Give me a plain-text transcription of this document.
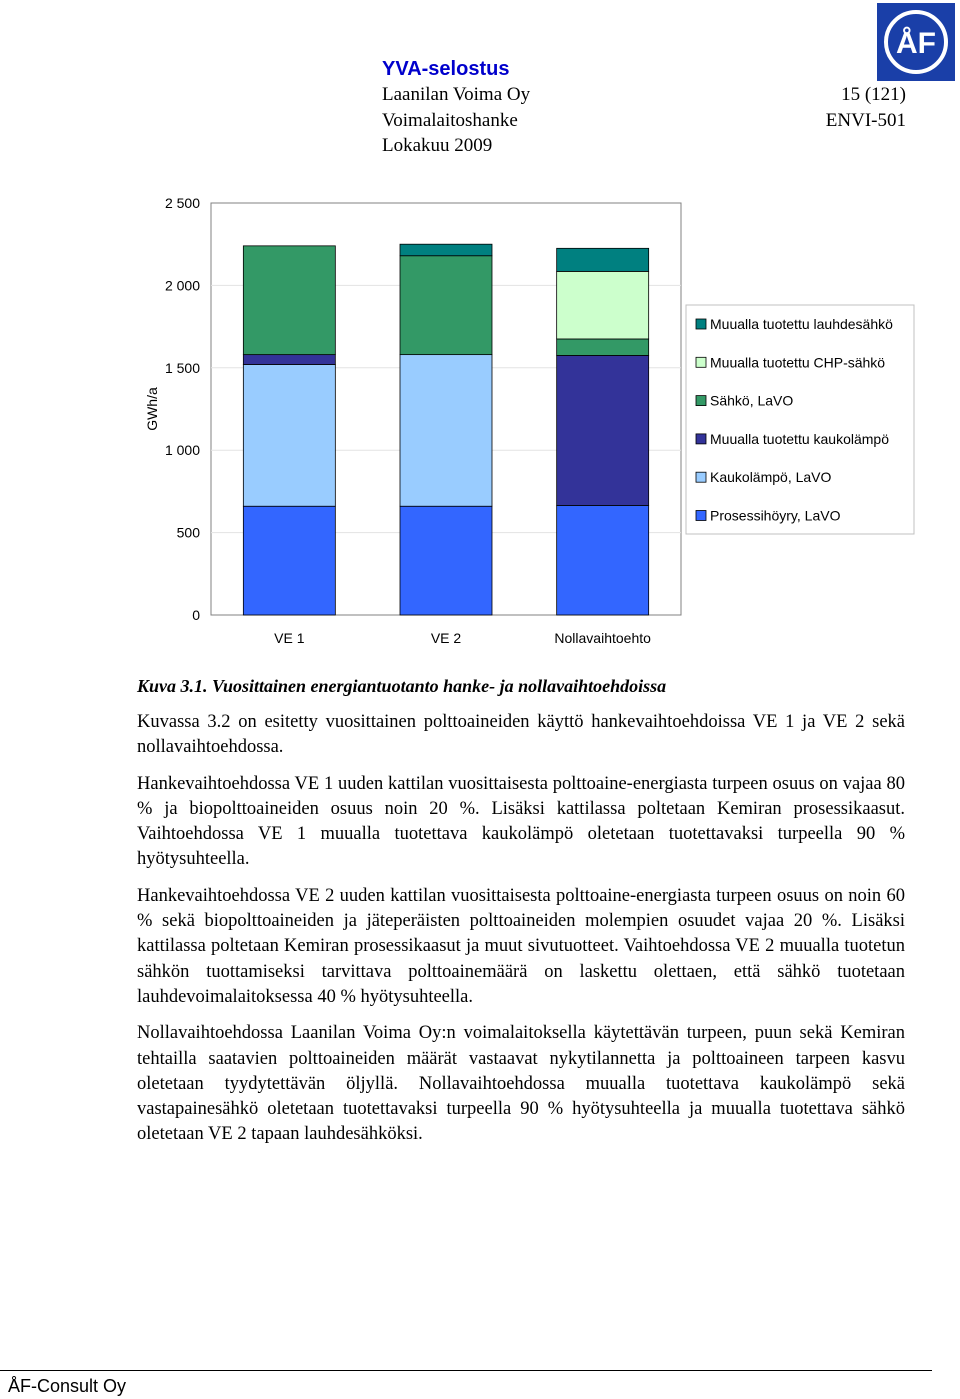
ÅF
YVA-selostus
Laanilan Voima Oy	15 (121)
Voimalaitoshanke	ENVI-501
Lokakuu 2009
0
500
1 000
1 500
2 000
2 500
GWh/a
VE 1	VE 2	Nollavaihtoehto
Muualla tuotettu lauhdesähkö
Muualla tuotettu CHP-sähkö
Sähkö, LaVO
Muualla tuotettu kaukolämpö
Kaukolämpö, LaVO
Prosessihöyry, LaVO
Kuva 3.1. Vuosittainen energiantuotanto hanke- ja nollavaihtoehdoissa

Kuvassa 3.2 on esitetty vuosittainen polttoaineiden käyttö hankevaihtoehdoissa VE 1 ja VE 2 sekä nollavaihtoehdossa.

Hankevaihtoehdossa VE 1 uuden kattilan vuosittaisesta polttoaine-energiasta turpeen osuus on vajaa 80 % ja biopolttoaineiden osuus noin 20 %. Lisäksi kattilassa poltetaan Kemiran prosessikaasut. Vaihtoehdossa VE 1 muualla tuotettava kaukolämpö oletetaan tuotettavaksi turpeella 90 % hyötysuhteella.

Hankevaihtoehdossa VE 2 uuden kattilan vuosittaisesta polttoaine-energiasta turpeen osuus on noin 60 % sekä biopolttoaineiden ja jäteperäisten polttoaineiden molempien osuudet vajaa 20 %. Lisäksi kattilassa poltetaan Kemiran prosessikaasut ja muut sivutuotteet. Vaihtoehdossa VE 2 muualla tuotetun sähkön tuottamiseksi tarvittava polttoainemäärä on laskettu olettaen, että sähkö tuotetaan lauhdevoimalaitoksessa 40 % hyötysuhteella.

Nollavaihtoehdossa Laanilan Voima Oy:n voimalaitoksella käytettävän turpeen, puun sekä Kemiran tehtailla saatavien polttoaineiden määrät vastaavat nykytilannetta ja polttoaineen tarpeen kasvu oletetaan tyydytettävän öljyllä. Nollavaihtoehdossa muualla tuotettava kaukolämpö sekä vastapainesähkö oletetaan tuotettavaksi turpeella 90 % hyötysuhteella ja muualla tuotettava sähkö oletetaan VE 2 tapaan lauhdesähköksi.

ÅF-Consult Oy
